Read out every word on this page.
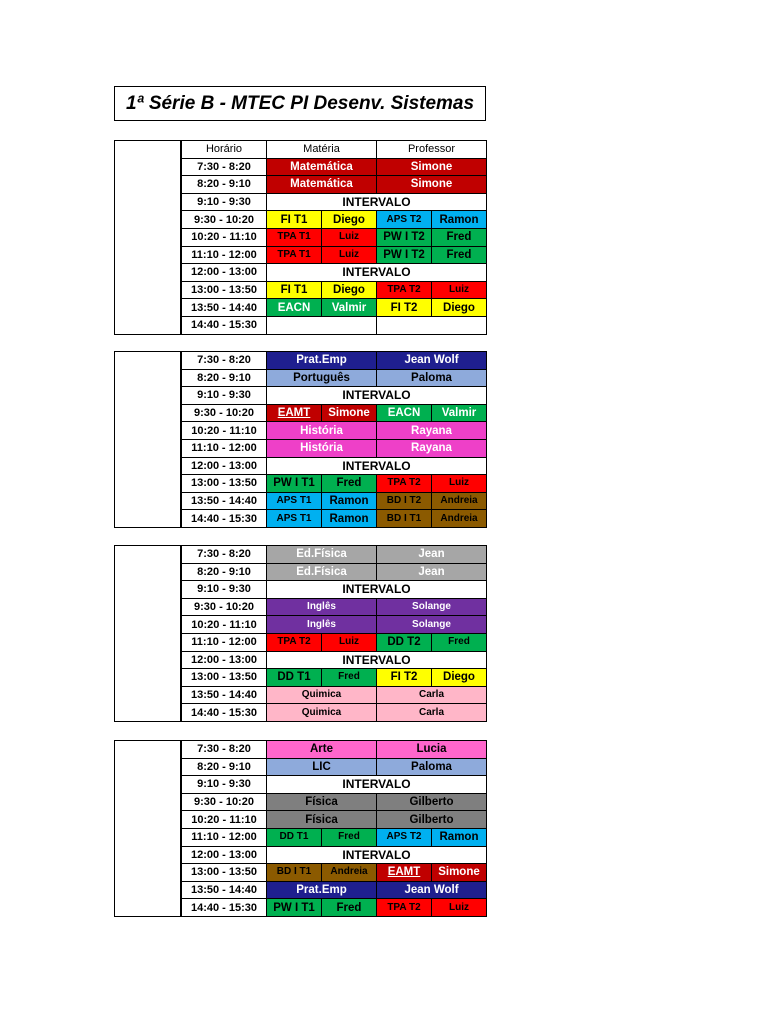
1ª Série B - MTEC PI Desenv. Sistemas
Horário	Matéria		Professor	
7:30 - 8:20	Matemática		Simone	
8:20 - 9:10	Matemática		Simone	
9:10 - 9:30	INTERVALO			
9:30 - 10:20	FI T1	Diego	APS T2	Ramon
10:20 - 11:10	TPA T1	Luiz	PW I T2	Fred
11:10 - 12:00	TPA T1	Luiz	PW I T2	Fred
12:00 - 13:00	INTERVALO			
13:00 - 13:50	FI T1	Diego	TPA T2	Luiz
13:50 - 14:40	EACN	Valmir	FI T2	Diego
14:40 - 15:30				
7:30 - 8:20	Prat.Emp		Jean Wolf	
8:20 - 9:10	Português		Paloma	
9:10 - 9:30	INTERVALO			
9:30 - 10:20	EAMT	Simone	EACN	Valmir
10:20 - 11:10	História		Rayana	
11:10 - 12:00	História		Rayana	
12:00 - 13:00	INTERVALO			
13:00 - 13:50	PW I T1	Fred	TPA T2	Luiz
13:50 - 14:40	APS T1	Ramon	BD I T2	Andreia
14:40 - 15:30	APS T1	Ramon	BD I T1	Andreia
7:30 - 8:20	Ed.Física		Jean	
8:20 - 9:10	Ed.Física		Jean	
9:10 - 9:30	INTERVALO			
9:30 - 10:20	Inglês		Solange	
10:20 - 11:10	Inglês		Solange	
11:10 - 12:00	TPA T2	Luiz	DD T2	Fred
12:00 - 13:00	INTERVALO			
13:00 - 13:50	DD T1	Fred	FI T2	Diego
13:50 - 14:40	Quimica		Carla	
14:40 - 15:30	Quimica		Carla	
7:30 - 8:20	Arte		Lucia	
8:20 - 9:10	LIC		Paloma	
9:10 - 9:30	INTERVALO			
9:30 - 10:20	Física		Gilberto	
10:20 - 11:10	Física		Gilberto	
11:10 - 12:00	DD T1	Fred	APS T2	Ramon
12:00 - 13:00	INTERVALO			
13:00 - 13:50	BD I T1	Andreia	EAMT	Simone
13:50 - 14:40	Prat.Emp		Jean Wolf	
14:40 - 15:30	PW I T1	Fred	TPA T2	Luiz
